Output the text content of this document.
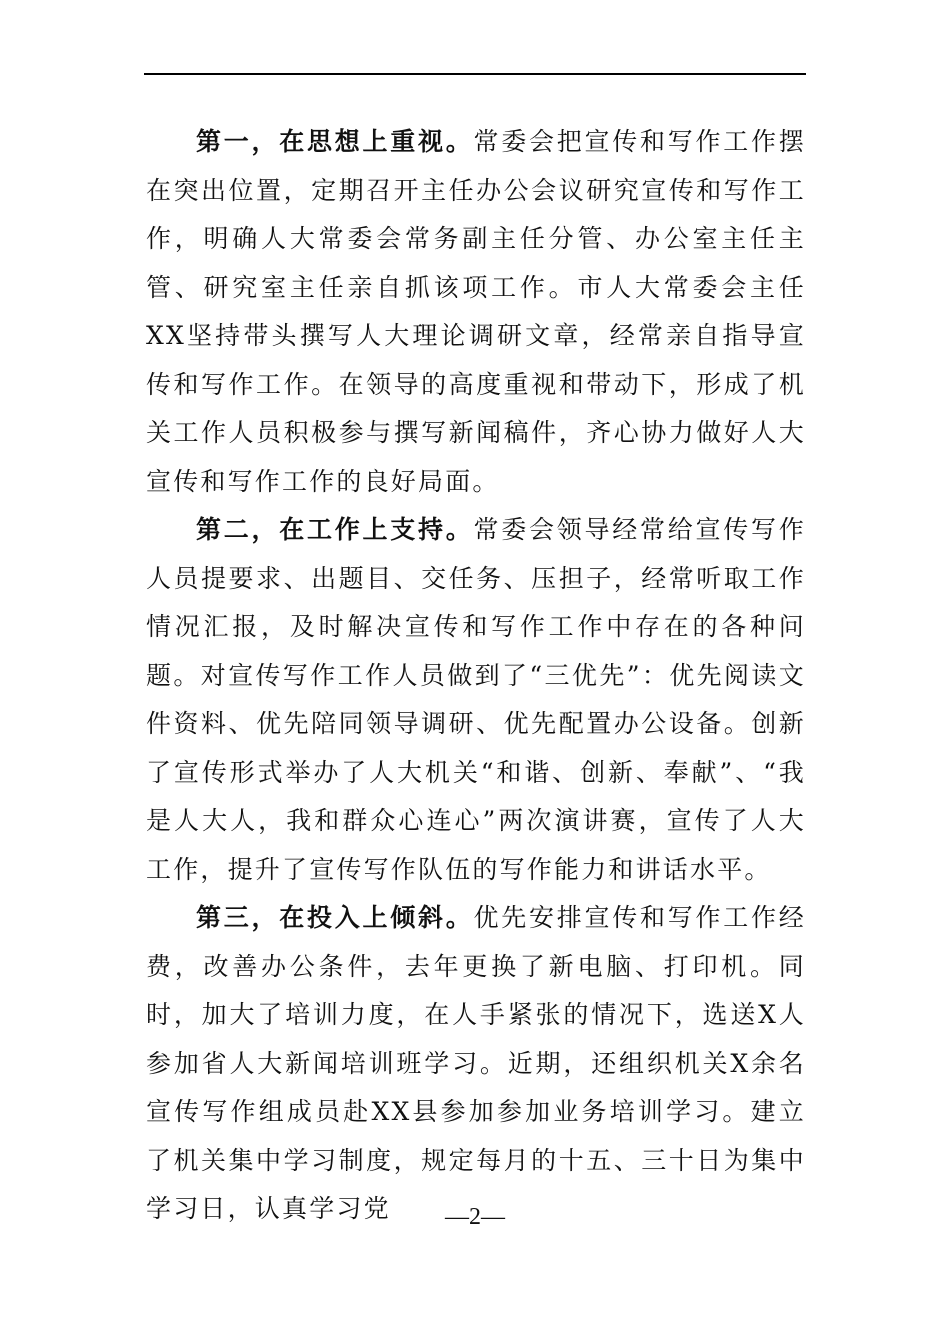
第一，在思想上重视。常委会把宣传和写作工作摆在突出位置，定期召开主任办公会议研究宣传和写作工作，明确人大常委会常务副主任分管、办公室主任主管、研究室主任亲自抓该项工作。市人大常委会主任XX坚持带头撰写人大理论调研文章，经常亲自指导宣传和写作工作。在领导的高度重视和带动下，形成了机关工作人员积极参与撰写新闻稿件，齐心协力做好人大宣传和写作工作的良好局面。

第二，在工作上支持。常委会领导经常给宣传写作人员提要求、出题目、交任务、压担子，经常听取工作情况汇报，及时解决宣传和写作工作中存在的各种问题。对宣传写作工作人员做到了“三优先”：优先阅读文件资料、优先陪同领导调研、优先配置办公设备。创新了宣传形式举办了人大机关“和谐、创新、奉献”、“我是人大人，我和群众心连心”两次演讲赛，宣传了人大工作，提升了宣传写作队伍的写作能力和讲话水平。

第三，在投入上倾斜。优先安排宣传和写作工作经费，改善办公条件，去年更换了新电脑、打印机。同时，加大了培训力度，在人手紧张的情况下，选送X人参加省人大新闻培训班学习。近期，还组织机关X余名宣传写作组成员赴XX县参加参加业务培训学习。建立了机关集中学习制度，规定每月的十五、三十日为集中学习日，认真学习党	—2—
